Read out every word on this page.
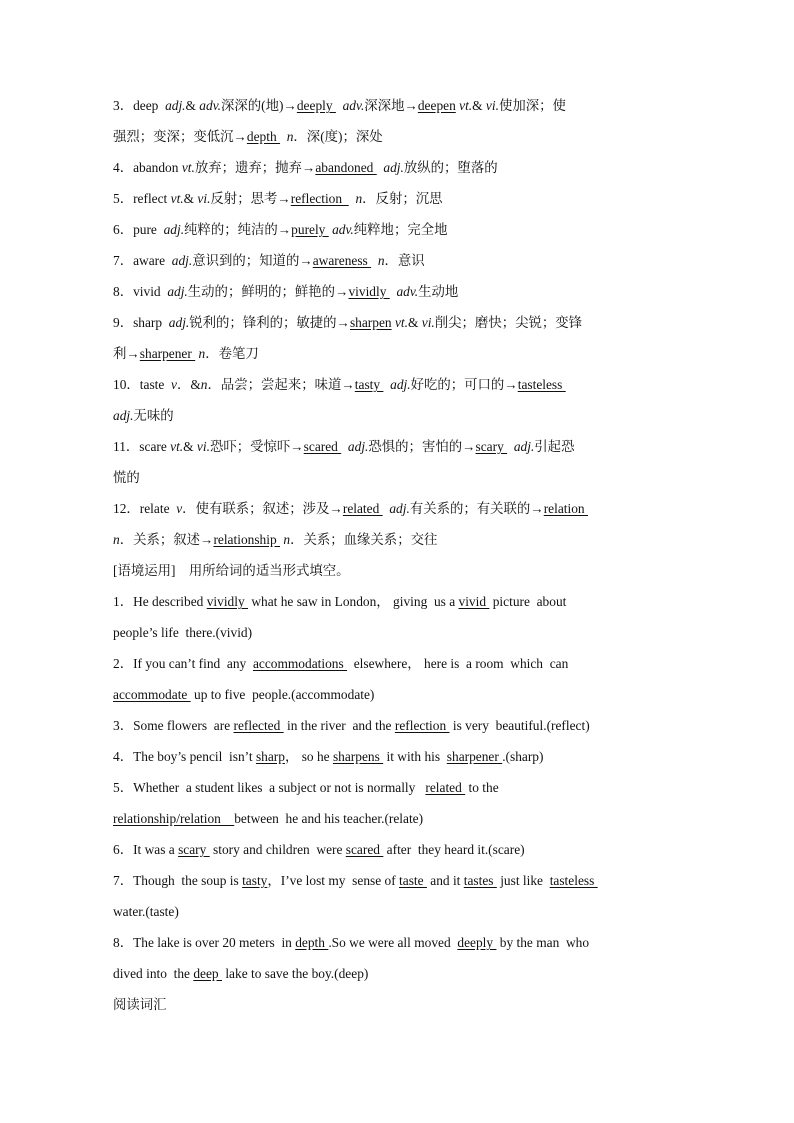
3．deep  adj.& adv.深深的(地)→deeply   adv.深深地→deepen vt.& vi.使加深；使
强烈；变深；变低沉→depth   n．深(度)；深处
4．abandon vt.放弃；遗弃；抛弃→abandoned   adj.放纵的；堕落的
5．reflect vt.& vi.反射；思考→reflection    n．反射；沉思
6．pure  adj.纯粹的；纯洁的→purely  adv.纯粹地；完全地
7．aware  adj.意识到的；知道的→awareness   n．意识
8．vivid  adj.生动的；鲜明的；鲜艳的→vividly   adv.生动地
9．sharp  adj.锐利的；锋利的；敏捷的→sharpen vt.& vi.削尖；磨快；尖锐；变锋
利→sharpener  n．卷笔刀
10．taste  v．&n．品尝；尝起来；味道→tasty   adj.好吃的；可口的→tasteless
adj.无味的
11．scare vt.& vi.恐吓；受惊吓→scared   adj.恐惧的；害怕的→scary   adj.引起恐
慌的
12．relate  v．使有联系；叙述；涉及→related   adj.有关系的；有关联的→relation
n．关系；叙述→relationship  n．关系；血缘关系；交往
[语境运用]　用所给词的适当形式填空。
1．He described vividly  what he saw in London， giving  us a vivid  picture  about
people’s life  there.(vivid)
2．If you can’t find  any  accommodations   elsewhere， here is  a room  which  can
accommodate  up to five  people.(accommodate)
3．Some flowers  are reflected  in the river  and the reflection  is very  beautiful.(reflect)
4．The boy’s pencil  isn’t sharp， so he sharpens  it with his  sharpener .(sharp)
5．Whether  a student likes  a subject or not is normally   related  to the
relationship/relation    between  he and his teacher.(relate)
6．It was a scary  story and children  were scared  after  they heard it.(scare)
7．Though  the soup is tasty，I’ve lost my  sense of taste  and it tastes  just like  tasteless
water.(taste)
8．The lake is over 20 meters  in depth .So we were all moved  deeply  by the man  who
dived into  the deep  lake to save the boy.(deep)
阅读词汇
